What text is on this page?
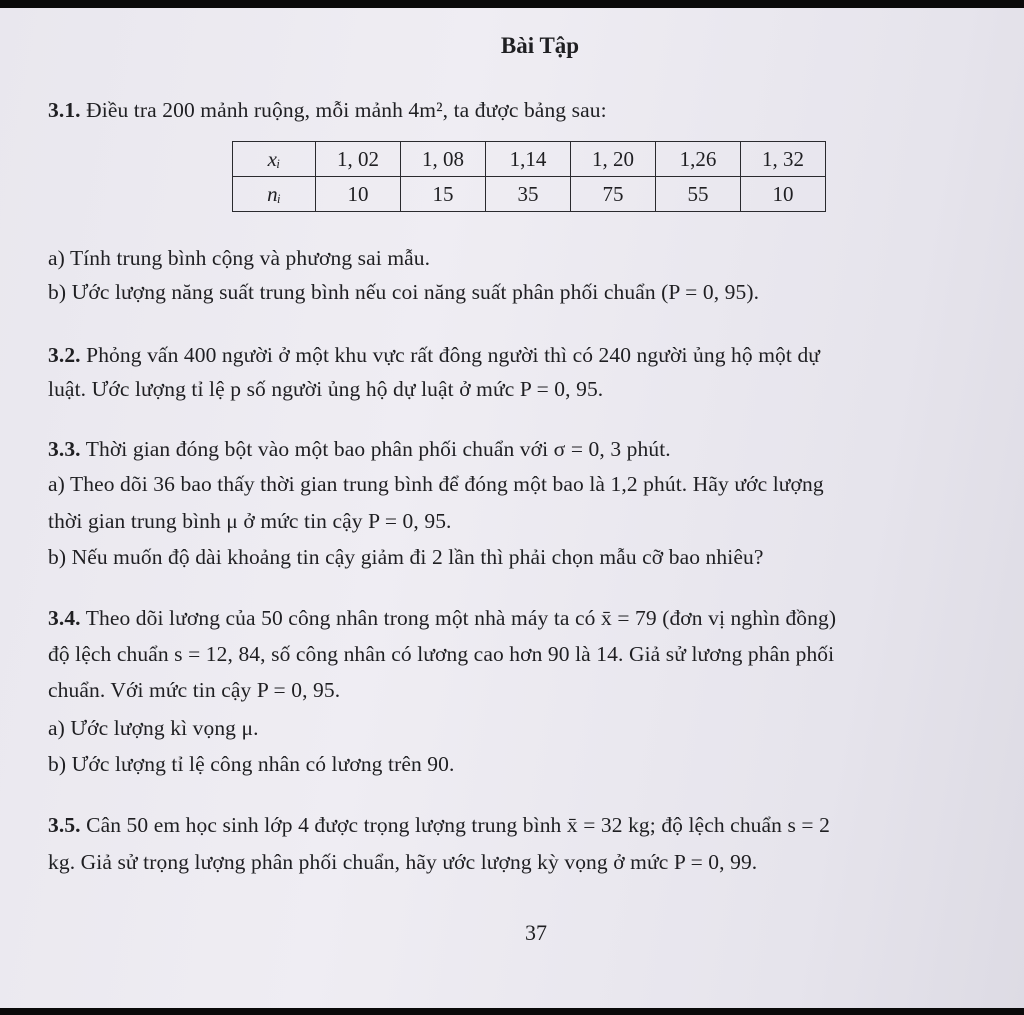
Bài Tập
3.1. Điều tra 200 mảnh ruộng, mỗi mảnh 4m², ta được bảng sau:
xᵢ	1, 02	1, 08	1,14	1, 20	1,26	1, 32
nᵢ	10	15	35	75	55	10
a) Tính trung bình cộng và phương sai mẫu.
b) Ước lượng năng suất trung bình nếu coi năng suất phân phối chuẩn (P = 0, 95).
3.2. Phỏng vấn 400 người ở một khu vực rất đông người thì có 240 người ủng hộ một dự
luật. Ước lượng tỉ lệ p số người ủng hộ dự luật ở mức P = 0, 95.
3.3. Thời gian đóng bột vào một bao phân phối chuẩn với σ = 0, 3 phút.
a) Theo dõi 36 bao thấy thời gian trung bình để đóng một bao là 1,2 phút. Hãy ước lượng
thời gian trung bình μ ở mức tin cậy P = 0, 95.
b) Nếu muốn độ dài khoảng tin cậy giảm đi 2 lần thì phải chọn mẫu cỡ bao nhiêu?
3.4. Theo dõi lương của 50 công nhân trong một nhà máy ta có x̄ = 79 (đơn vị nghìn đồng)
độ lệch chuẩn s = 12, 84, số công nhân có lương cao hơn 90 là 14. Giả sử lương phân phối
chuẩn. Với mức tin cậy P = 0, 95.
a) Ước lượng kì vọng μ.
b) Ước lượng tỉ lệ công nhân có lương trên 90.
3.5. Cân 50 em học sinh lớp 4 được trọng lượng trung bình x̄ = 32 kg; độ lệch chuẩn s = 2
kg. Giả sử trọng lượng phân phối chuẩn, hãy ước lượng kỳ vọng ở mức P = 0, 99.
37
